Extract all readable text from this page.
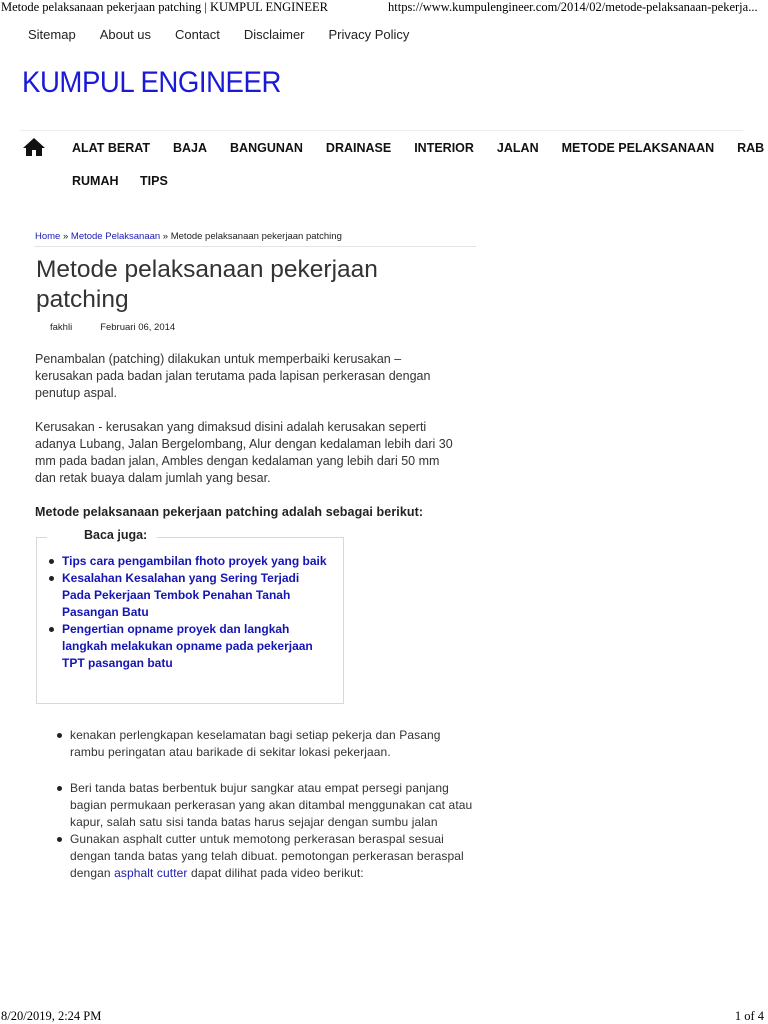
Metode pelaksanaan pekerjaan patching | KUMPUL ENGINEER	https://www.kumpulengineer.com/2014/02/metode-pelaksanaan-pekerja...
Sitemap About us Contact Disclaimer Privacy Policy
KUMPUL ENGINEER
ALAT BERAT BAJA BANGUNAN DRAINASE INTERIOR JALAN METODE PELAKSANAAN RAB
RUMAH TIPS
Home » Metode Pelaksanaan » Metode pelaksanaan pekerjaan patching
Metode pelaksanaan pekerjaan patching
fakhli	Februari 06, 2014

Penambalan (patching) dilakukan untuk memperbaiki kerusakan – kerusakan pada badan jalan terutama pada lapisan perkerasan dengan penutup aspal.

Kerusakan - kerusakan yang dimaksud disini adalah kerusakan seperti adanya Lubang, Jalan Bergelombang, Alur dengan kedalaman lebih dari 30 mm pada badan jalan, Ambles dengan kedalaman yang lebih dari 50 mm dan retak buaya dalam jumlah yang besar.

Metode pelaksanaan pekerjaan patching adalah sebagai berikut:
Baca juga:
Tips cara pengambilan fhoto proyek yang baik
Kesalahan Kesalahan yang Sering Terjadi Pada Pekerjaan Tembok Penahan Tanah Pasangan Batu
Pengertian opname proyek dan langkah langkah melakukan opname pada pekerjaan TPT pasangan batu
kenakan perlengkapan keselamatan bagi setiap pekerja dan Pasang rambu peringatan atau barikade di sekitar lokasi pekerjaan.
Beri tanda batas berbentuk bujur sangkar atau empat persegi panjang bagian permukaan perkerasan yang akan ditambal menggunakan cat atau kapur, salah satu sisi tanda batas harus sejajar dengan sumbu jalan
Gunakan asphalt cutter untuk memotong perkerasan beraspal sesuai dengan tanda batas yang telah dibuat. pemotongan perkerasan beraspal dengan asphalt cutter dapat dilihat pada video berikut:
8/20/2019, 2:24 PM	1 of 4
